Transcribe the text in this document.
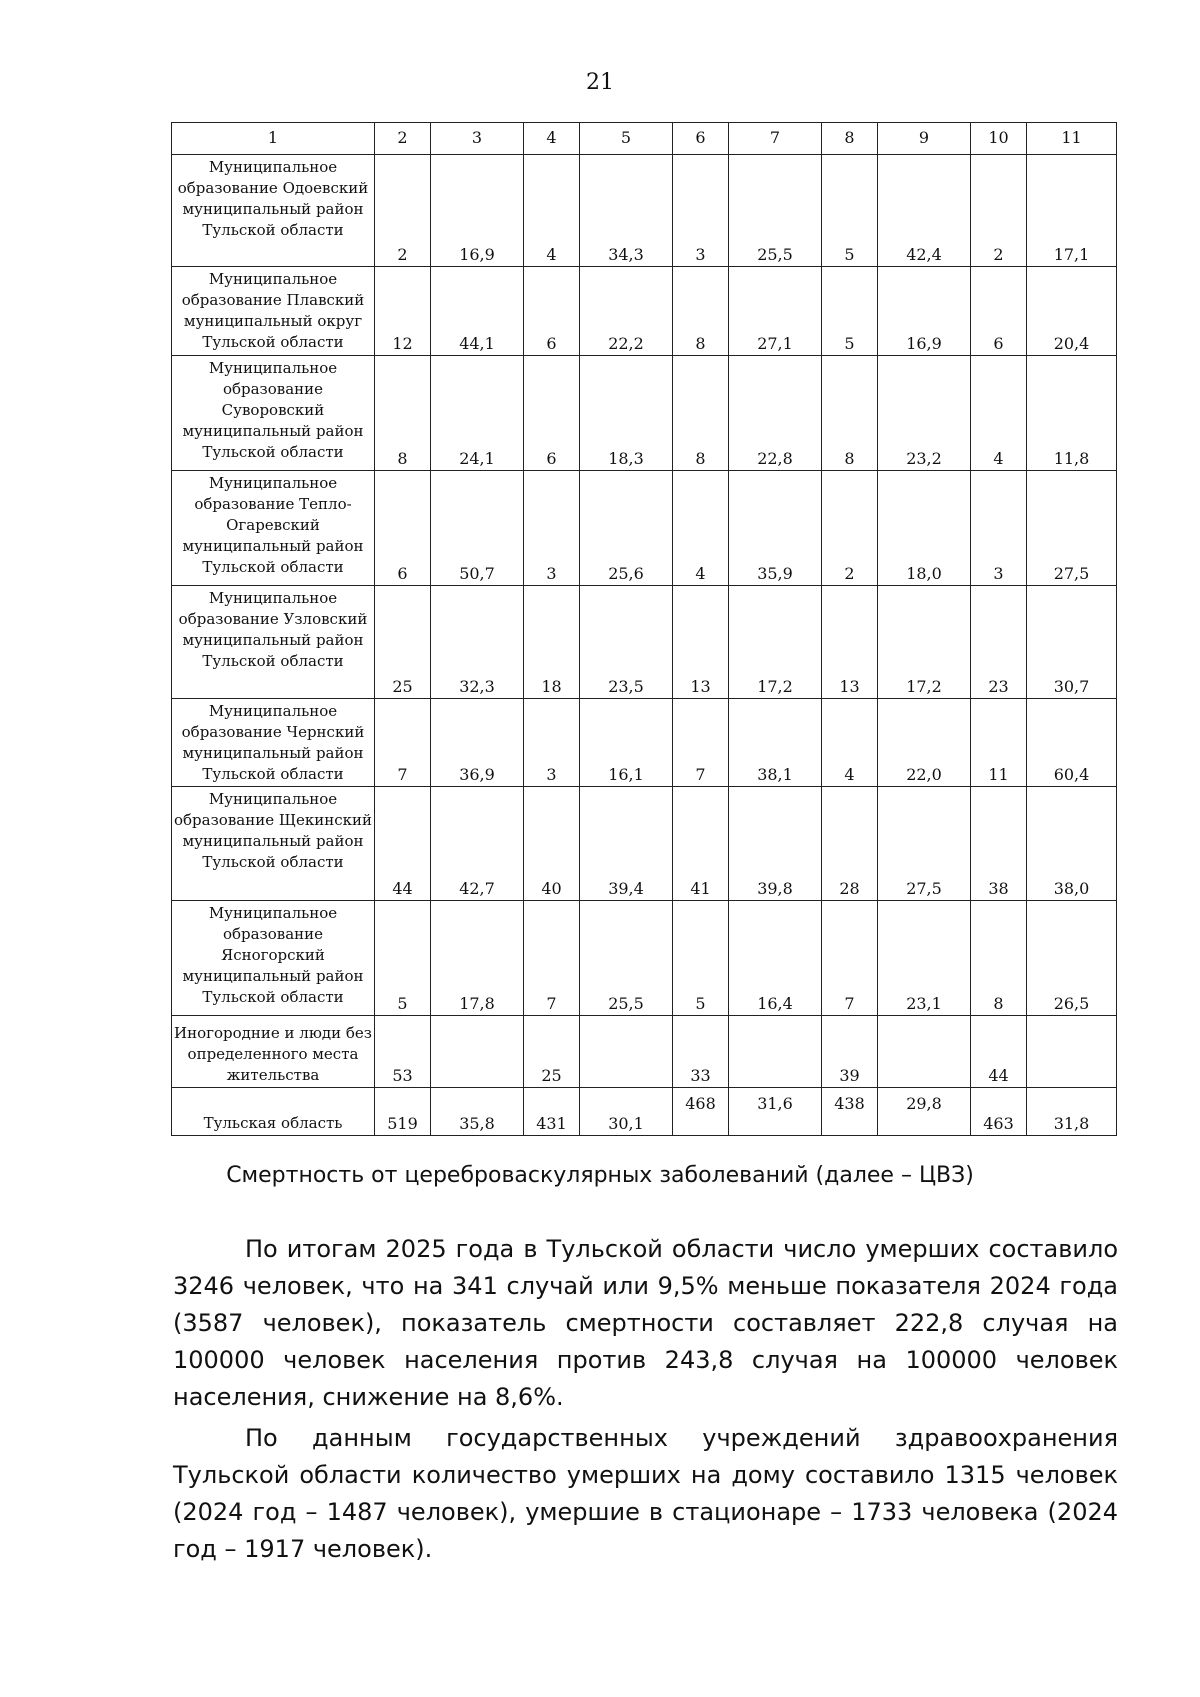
21
1	2	3	4	5	6	7	8	9	10	11
Муниципальное образование Одоевский муниципальный район Тульской области	2	16,9	4	34,3	3	25,5	5	42,4	2	17,1
Муниципальное образование Плавский муниципальный округ Тульской области	12	44,1	6	22,2	8	27,1	5	16,9	6	20,4
Муниципальное образование Суворовский муниципальный район Тульской области	8	24,1	6	18,3	8	22,8	8	23,2	4	11,8
Муниципальное образование Тепло-Огаревский муниципальный район Тульской области	6	50,7	3	25,6	4	35,9	2	18,0	3	27,5
Муниципальное образование Узловский муниципальный район Тульской области	25	32,3	18	23,5	13	17,2	13	17,2	23	30,7
Муниципальное образование Чернский муниципальный район Тульской области	7	36,9	3	16,1	7	38,1	4	22,0	11	60,4
Муниципальное образование Щекинский муниципальный район Тульской области	44	42,7	40	39,4	41	39,8	28	27,5	38	38,0
Муниципальное образование Ясногорский муниципальный район Тульской области	5	17,8	7	25,5	5	16,4	7	23,1	8	26,5
Иногородние и люди без определенного места жительства	53		25		33		39		44	
Тульская область	519	35,8	431	30,1	468	31,6	438	29,8	463	31,8
Смертность от цереброваскулярных заболеваний (далее – ЦВЗ)

По итогам 2025 года в Тульской области число умерших составило 3246 человек, что на 341 случай или 9,5% меньше показателя 2024 года (3587 человек), показатель смертности составляет 222,8 случая на 100000 человек населения против 243,8 случая на 100000 человек населения, снижение на 8,6%.

По данным государственных учреждений здравоохранения Тульской области количество умерших на дому составило 1315 человек (2024 год – 1487 человек), умершие в стационаре – 1733 человека (2024 год – 1917 человек).
